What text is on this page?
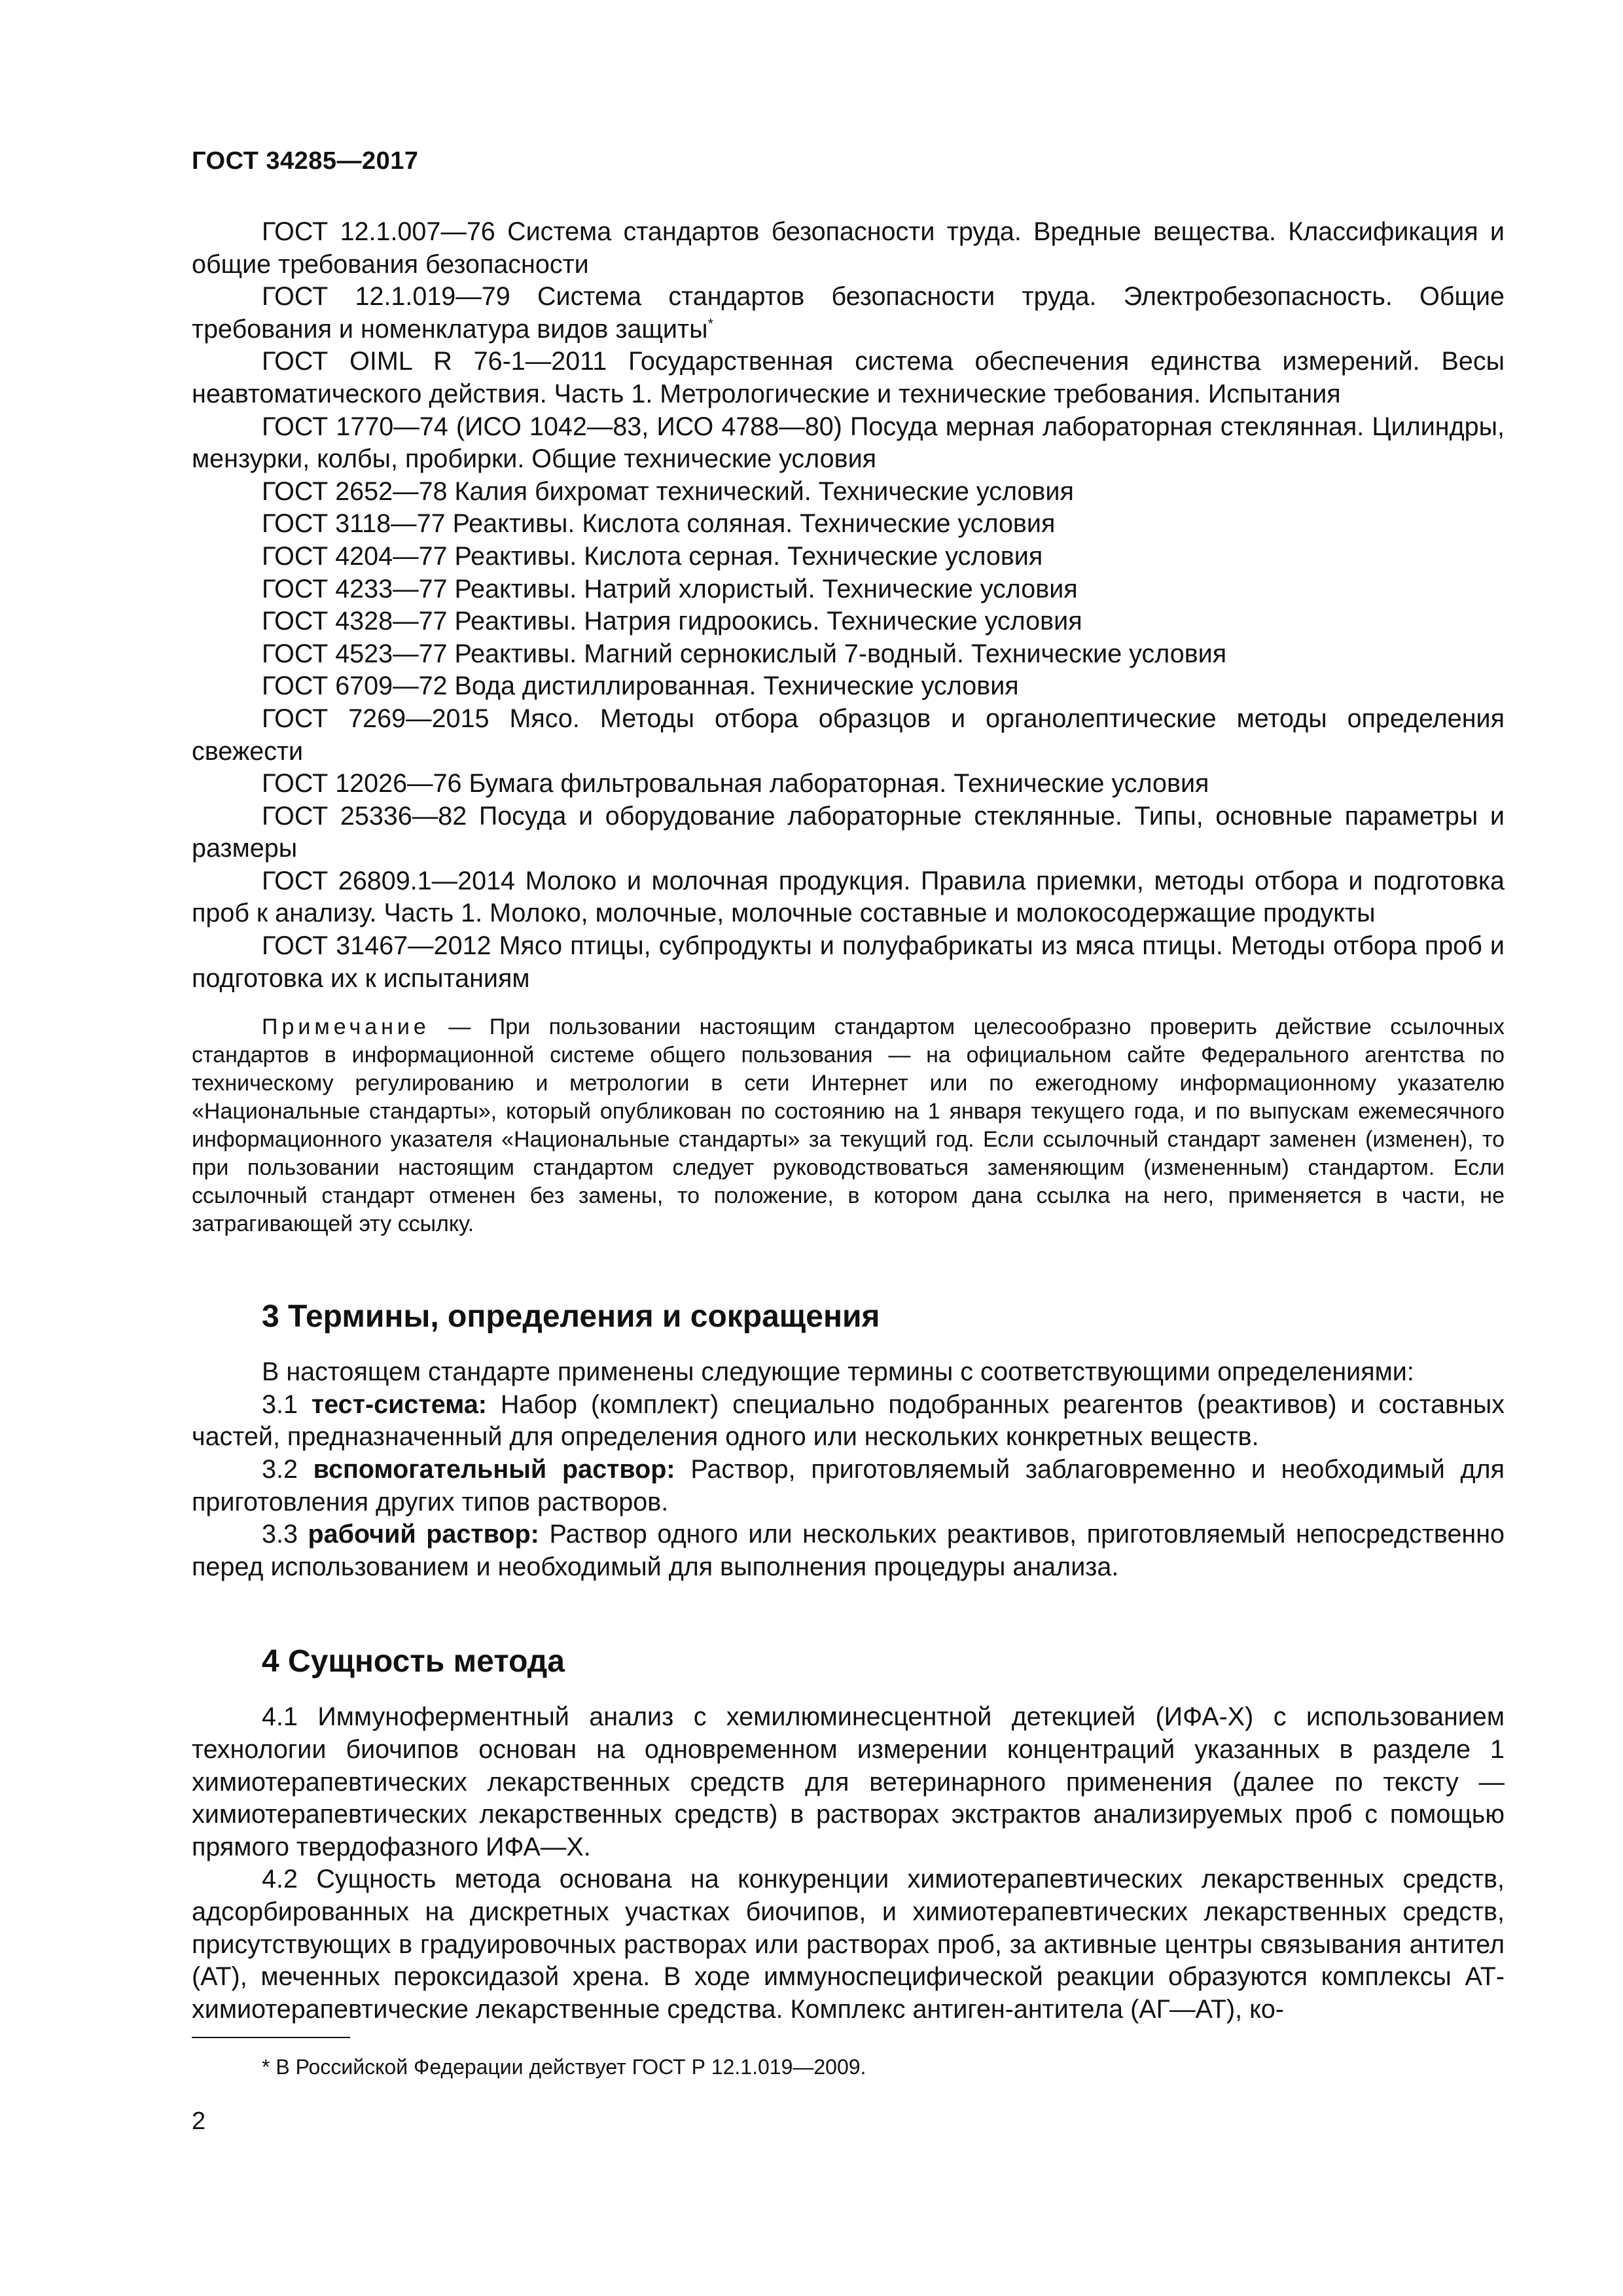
ГОСТ 34285—2017

ГОСТ 12.1.007—76 Система стандартов безопасности труда. Вредные вещества. Классификация и общие требования безопасности

ГОСТ 12.1.019—79 Система стандартов безопасности труда. Электробезопасность. Общие требования и номенклатура видов защиты*

ГОСТ OIML R 76-1—2011 Государственная система обеспечения единства измерений. Весы неавтоматического действия. Часть 1. Метрологические и технические требования. Испытания

ГОСТ 1770—74 (ИСО 1042—83, ИСО 4788—80) Посуда мерная лабораторная стеклянная. Цилиндры, мензурки, колбы, пробирки. Общие технические условия

ГОСТ 2652—78 Калия бихромат технический. Технические условия

ГОСТ 3118—77 Реактивы. Кислота соляная. Технические условия

ГОСТ 4204—77 Реактивы. Кислота серная. Технические условия

ГОСТ 4233—77 Реактивы. Натрий хлористый. Технические условия

ГОСТ 4328—77 Реактивы. Натрия гидроокись. Технические условия

ГОСТ 4523—77 Реактивы. Магний сернокислый 7-водный. Технические условия

ГОСТ 6709—72 Вода дистиллированная. Технические условия

ГОСТ 7269—2015 Мясо. Методы отбора образцов и органолептические методы определения свежести

ГОСТ 12026—76 Бумага фильтровальная лабораторная. Технические условия

ГОСТ 25336—82 Посуда и оборудование лабораторные стеклянные. Типы, основные параметры и размеры

ГОСТ 26809.1—2014 Молоко и молочная продукция. Правила приемки, методы отбора и подготовка проб к анализу. Часть 1. Молоко, молочные, молочные составные и молокосодержащие продукты

ГОСТ 31467—2012 Мясо птицы, субпродукты и полуфабрикаты из мяса птицы. Методы отбора проб и подготовка их к испытаниям

Примечание — При пользовании настоящим стандартом целесообразно проверить действие ссылочных стандартов в информационной системе общего пользования — на официальном сайте Федерального агентства по техническому регулированию и метрологии в сети Интернет или по ежегодному информационному указателю «Национальные стандарты», который опубликован по состоянию на 1 января текущего года, и по выпускам ежемесячного информационного указателя «Национальные стандарты» за текущий год. Если ссылочный стандарт заменен (изменен), то при пользовании настоящим стандартом следует руководствоваться заменяющим (измененным) стандартом. Если ссылочный стандарт отменен без замены, то положение, в котором дана ссылка на него, применяется в части, не затрагивающей эту ссылку.

3 Термины, определения и сокращения

В настоящем стандарте применены следующие термины с соответствующими определениями:

3.1 тест-система: Набор (комплект) специально подобранных реагентов (реактивов) и составных частей, предназначенный для определения одного или нескольких конкретных веществ.

3.2 вспомогательный раствор: Раствор, приготовляемый заблаговременно и необходимый для приготовления других типов растворов.

3.3 рабочий раствор: Раствор одного или нескольких реактивов, приготовляемый непосредственно перед использованием и необходимый для выполнения процедуры анализа.

4 Сущность метода

4.1 Иммуноферментный анализ с хемилюминесцентной детекцией (ИФА-Х) с использованием технологии биочипов основан на одновременном измерении концентраций указанных в разделе 1 химиотерапевтических лекарственных средств для ветеринарного применения (далее по тексту — химиотерапевтических лекарственных средств) в растворах экстрактов анализируемых проб с помощью прямого твердофазного ИФА—Х.

4.2 Сущность метода основана на конкуренции химиотерапевтических лекарственных средств, адсорбированных на дискретных участках биочипов, и химиотерапевтических лекарственных средств, присутствующих в градуировочных растворах или растворах проб, за активные центры связывания антител (АТ), меченных пероксидазой хрена. В ходе иммуноспецифической реакции образуются комплексы АТ-химиотерапевтические лекарственные средства. Комплекс антиген-антитела (АГ—АТ), ко-

* В Российской Федерации действует ГОСТ Р 12.1.019—2009.
2
